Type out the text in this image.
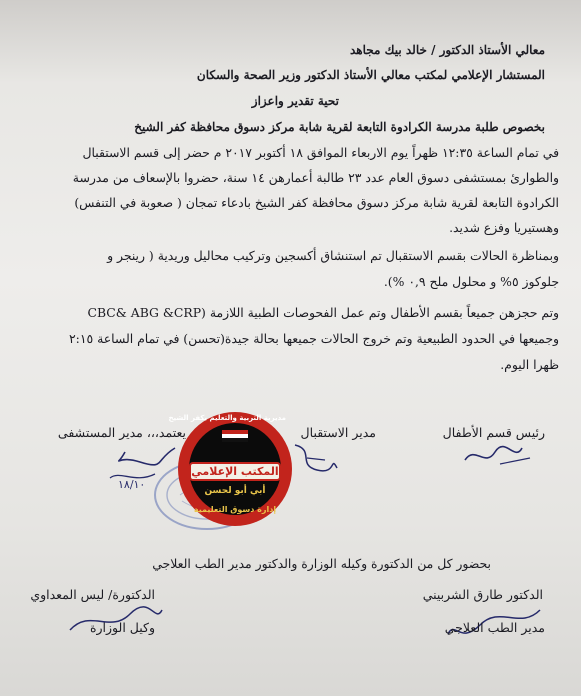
معالي الأستاذ الدكتور / خالد بيك مجاهد
المستشار الإعلامي لمكتب معالي الأستاذ الدكتور وزير الصحة والسكان
تحية تقدير واعزاز
بخصوص طلبة مدرسة الكرادوة التابعة لقرية شابة مركز دسوق محافظة كفر الشيخ
في تمام الساعة ١٢:٣٥ ظهراً يوم الاربعاء الموافق ١٨ أكتوبر ٢٠١٧ م حضر إلى قسم الاستقبال
والطوارئ بمستشفى دسوق العام عدد ٢٣ طالبة أعمارهن ١٤ سنة، حضروا بالإسعاف من مدرسة
الكرادوة التابعة لقرية شابة مركز دسوق محافظة كفر الشيخ بادعاء تمجان ( صعوبة في التنفس)
وهستيريا وفزع شديد.
وبمناظرة الحالات بقسم الاستقبال تم استنشاق أكسجين وتركيب محاليل وريدية ( رينجر و
جلوكوز ٥% و محلول ملح ٠,٩ %).
وتم حجزهن جميعاً بقسم الأطفال وتم عمل الفحوصات الطبية اللازمة (CBC& ABG &CRP
وجميعها في الحدود الطبيعية وتم خروج الحالات جميعها بحالة جيدة(تحسن) في تمام الساعة ٢:١٥
ظهرا اليوم.
رئيس قسم الأطفال
مدير الاستقبال
يعتمد،،، مدير المستشفى
١٨/١٠
مديرية التربية والتعليم بكفر الشيخ
المكتب الإعلامي
أبي أبو لحسن
إدارة دسوق التعليمية
بحضور كل من الدكتورة وكيله الوزارة والدكتور مدير الطب العلاجي
الدكتور طارق الشربيني
الدكتورة/ ليس المعداوي
مدير الطب العلاجي
وكيل الوزارة
